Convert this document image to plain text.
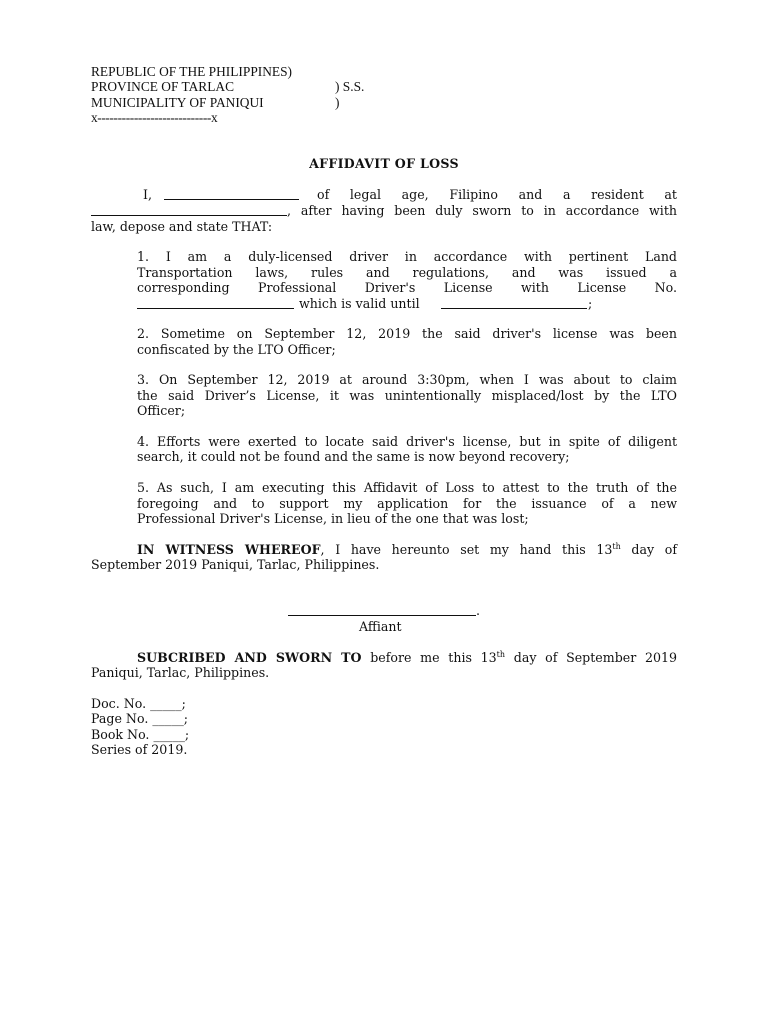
REPUBLIC OF THE PHILIPPINES)
PROVINCE OF TARLAC	) S.S.
MUNICIPALITY OF PANIQUI	)
x----------------------------x
AFFIDAVIT OF LOSS
I,	of legal age, Filipino and a resident at
, after having been duly sworn to in accordance with
law, depose and state THAT:
1. I am a duly-licensed driver in accordance with pertinent Land
Transportation laws, rules and regulations, and was issued a
corresponding Professional Driver's License with License No.
which is valid until	;
2. Sometime on September 12, 2019 the said driver's license was been
confiscated by the LTO Officer;
3. On September 12, 2019 at around 3:30pm, when I was about to claim
the said Driver’s License, it was unintentionally misplaced/lost by the LTO
Officer;
4. Efforts were exerted to locate said driver's license, but in spite of diligent
search, it could not be found and the same is now beyond recovery;
5. As such, I am executing this Affidavit of Loss to attest to the truth of the
foregoing and to support my application for the issuance of a new
Professional Driver's License, in lieu of the one that was lost;
IN WITNESS WHEREOF, I have hereunto set my hand this 13th day of
September 2019 Paniqui, Tarlac, Philippines.
.
Affiant
SUBCRIBED AND SWORN TO before me this 13th day of September 2019
Paniqui, Tarlac, Philippines.
Doc. No. _____;
Page No. _____;
Book No. _____;
Series of 2019.
